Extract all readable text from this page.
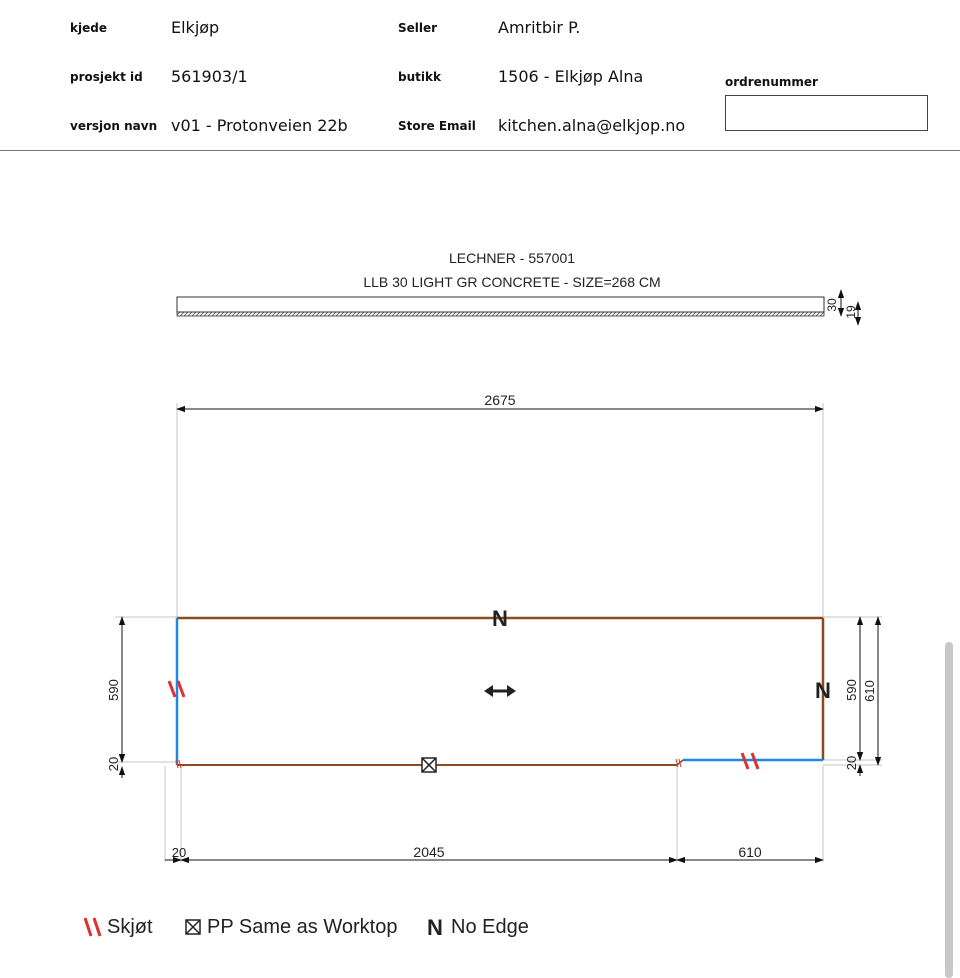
kjede	Elkjøp
prosjekt id 561903/1
versjon navn v01 - Protonveien 22b
Seller	Amritbir P.
butikk	1506 - Elkjøp Alna
Store Email kitchen.alna@elkjop.no
ordrenummer
LECHNER - 557001
LLB 30 LIGHT GR CONCRETE - SIZE=268 CM
30
19
2675
N
N
590
20
590 610
20
20	2045	610
Skjøt	PP Same as Worktop N No Edge
